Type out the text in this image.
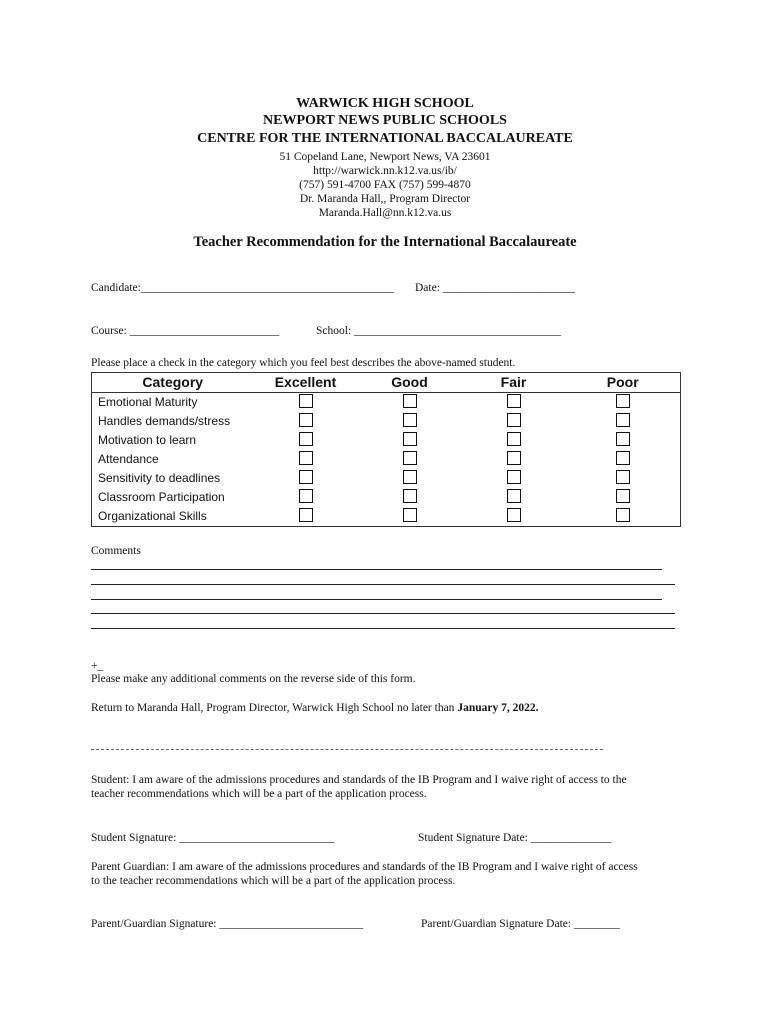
WARWICK HIGH SCHOOL
NEWPORT NEWS PUBLIC SCHOOLS
CENTRE FOR THE INTERNATIONAL BACCALAUREATE
51 Copeland Lane, Newport News, VA 23601
http://warwick.nn.k12.va.us/ib/
(757) 591-4700 FAX (757) 599-4870
Dr. Maranda Hall,, Program Director
Maranda.Hall@nn.k12.va.us
Teacher Recommendation for the International Baccalaureate
Candidate:____________________________________________ Date: _______________________
Course: __________________________	School: ____________________________________
Please place a check in the category which you feel best describes the above-named student.
Category	Excellent	Good	Fair	Poor
Emotional Maturity				
Handles demands/stress				
Motivation to learn				
Attendance				
Sensitivity to deadlines				
Classroom Participation				
Organizational Skills				
Comments
+_
Please make any additional comments on the reverse side of this form.
Return to Maranda Hall, Program Director, Warwick High School no later than January 7, 2022.
Student: I am aware of the admissions procedures and standards of the IB Program and I waive right of access to the
teacher recommendations which will be a part of the application process.
Student Signature: ___________________________	Student Signature Date: ______________
Parent Guardian: I am aware of the admissions procedures and standards of the IB Program and I waive right of access
to the teacher recommendations which will be a part of the application process.
Parent/Guardian Signature: _________________________	Parent/Guardian Signature Date: ________
